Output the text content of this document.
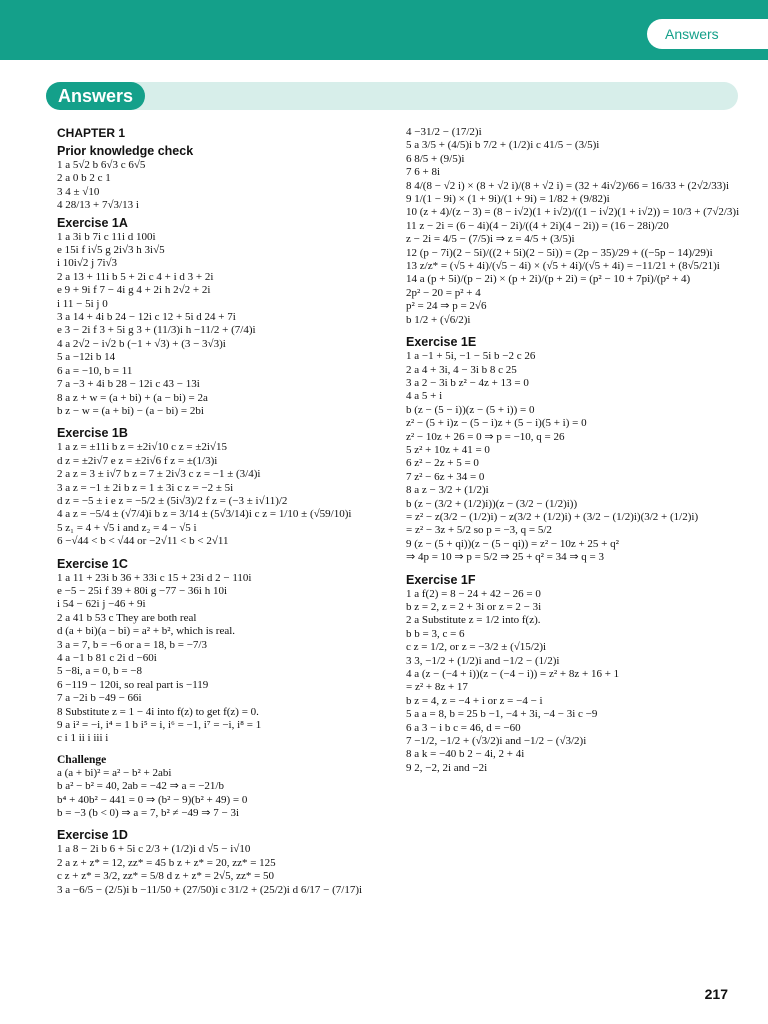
Answers
Answers
CHAPTER 1
Prior knowledge check
1 a 5√2 b 6√3 c 6√5
2 a 0 b 2 c 1
3 4 ± √10
4 28/13 + 7√3/13 i
Exercise 1A
1 a 3i b 7i c 11i d 100i
e 15i f i√5 g 2i√3 h 3i√5
i 10i√2 j 7i√3
2 a 13 + 11i b 5 + 2i c 4 + i d 3 + 2i
e 9 + 9i f 7 − 4i g 4 + 2i h 2√2 + 2i
i 11 − 5i j 0
3 a 14 + 4i b 24 − 12i c 12 + 5i d 24 + 7i
e 3 − 2i f 3 + 5i g 3 + (11/3)i h −11/2 + (7/4)i
4 a 2√2 − i√2 b (−1 + √3) + (3 − 3√3)i
5 a −12i b 14
6 a = −10, b = 11
7 a −3 + 4i b 28 − 12i c 43 − 13i
8 a z + w = (a + bi) + (a − bi) = 2a
b z − w = (a + bi) − (a − bi) = 2bi
Exercise 1B
1 a z = ±11i b z = ±2i√10 c z = ±2i√15
d z = ±2i√7 e z = ±2i√6 f z = ±(1/3)i
2 a z = 3 ± i√7 b z = 7 ± 2i√3 c z = −1 ± (3/4)i
3 a z = −1 ± 2i b z = 1 ± 3i c z = −2 ± 5i
d z = −5 ± i e z = −5/2 ± (5i√3)/2 f z = (−3 ± i√11)/2
4 a z = −5/4 ± (√7/4)i b z = 3/14 ± (5√3/14)i c z = 1/10 ± (√59/10)i
5 z₁ = 4 + √5 i and z₂ = 4 − √5 i
6 −√44 < b < √44 or −2√11 < b < 2√11
Exercise 1C
1 a 11 + 23i b 36 + 33i c 15 + 23i d 2 − 110i
e −5 − 25i f 39 + 80i g −77 − 36i h 10i
i 54 − 62i j −46 + 9i
2 a 41 b 53 c They are both real
d (a + bi)(a − bi) = a² + b², which is real.
3 a = 7, b = −6 or a = 18, b = −7/3
4 a −1 b 81 c 2i d −60i
5 −8i, a = 0, b = −8
6 −119 − 120i, so real part is −119
7 a −2i b −49 − 66i
8 Substitute z = 1 − 4i into f(z) to get f(z) = 0.
9 a i² = −i, i⁴ = 1 b i⁵ = i, i⁶ = −1, i⁷ = −i, i⁸ = 1
c i 1 ii i iii i
Challenge
a (a + bi)² = a² − b² + 2abi
b a² − b² = 40, 2ab = −42 ⇒ a = −21/b
b⁴ + 40b² − 441 = 0 ⇒ (b² − 9)(b² + 49) = 0
b = −3 (b < 0) ⇒ a = 7, b² ≠ −49 ⇒ 7 − 3i
Exercise 1D
1 a 8 − 2i b 6 + 5i c 2/3 + (1/2)i d √5 − i√10
2 a z + z* = 12, zz* = 45 b z + z* = 20, zz* = 125
c z + z* = 3/2, zz* = 5/8 d z + z* = 2√5, zz* = 50
3 a −6/5 − (2/5)i b −11/50 + (27/50)i c 31/2 + (25/2)i d 6/17 − (7/17)i
4 −31/2 − (17/2)i
5 a 3/5 + (4/5)i b 7/2 + (1/2)i c 41/5 − (3/5)i
6 8/5 + (9/5)i
7 6 + 8i
8 4/(8 − √2 i) × (8 + √2 i)/(8 + √2 i) = (32 + 4i√2)/66 = 16/33 + (2√2/33)i
9 1/(1 − 9i) × (1 + 9i)/(1 + 9i) = 1/82 + (9/82)i
10 (z + 4)/(z − 3) = (8 − i√2)(1 + i√2)/((1 − i√2)(1 + i√2)) = 10/3 + (7√2/3)i
11 z − 2i = (6 − 4i)(4 − 2i)/((4 + 2i)(4 − 2i)) = (16 − 28i)/20
z − 2i = 4/5 − (7/5)i ⇒ z = 4/5 + (3/5)i
12 (p − 7i)(2 − 5i)/((2 + 5i)(2 − 5i)) = (2p − 35)/29 + ((−5p − 14)/29)i
13 z/z* = (√5 + 4i)/(√5 − 4i) × (√5 + 4i)/(√5 + 4i) = −11/21 + (8√5/21)i
14 a (p + 5i)/(p − 2i) × (p + 2i)/(p + 2i) = (p² − 10 + 7pi)/(p² + 4)
2p² − 20 = p² + 4
p² = 24 ⇒ p = 2√6
b 1/2 + (√6/2)i
Exercise 1E
1 a −1 + 5i, −1 − 5i b −2 c 26
2 a 4 + 3i, 4 − 3i b 8 c 25
3 a 2 − 3i b z² − 4z + 13 = 0
4 a 5 + i
b (z − (5 − i))(z − (5 + i)) = 0
z² − (5 + i)z − (5 − i)z + (5 − i)(5 + i) = 0
z² − 10z + 26 = 0 ⇒ p = −10, q = 26
5 z² + 10z + 41 = 0
6 z² − 2z + 5 = 0
7 z² − 6z + 34 = 0
8 a z − 3/2 + (1/2)i
b (z − (3/2 + (1/2)i))(z − (3/2 − (1/2)i))
= z² − z(3/2 − (1/2)i) − z(3/2 + (1/2)i) + (3/2 − (1/2)i)(3/2 + (1/2)i)
= z² − 3z + 5/2 so p = −3, q = 5/2
9 (z − (5 + qi))(z − (5 − qi)) = z² − 10z + 25 + q²
⇒ 4p = 10 ⇒ p = 5/2 ⇒ 25 + q² = 34 ⇒ q = 3
Exercise 1F
1 a f(2) = 8 − 24 + 42 − 26 = 0
b z = 2, z = 2 + 3i or z = 2 − 3i
2 a Substitute z = 1/2 into f(z).
b b = 3, c = 6
c z = 1/2, or z = −3/2 ± (√15/2)i
3 3, −1/2 + (1/2)i and −1/2 − (1/2)i
4 a (z − (−4 + i))(z − (−4 − i)) = z² + 8z + 16 + 1
= z² + 8z + 17
b z = 4, z = −4 + i or z = −4 − i
5 a a = 8, b = 25 b −1, −4 + 3i, −4 − 3i c −9
6 a 3 − i b c = 46, d = −60
7 −1/2, −1/2 + (√3/2)i and −1/2 − (√3/2)i
8 a k = −40 b 2 − 4i, 2 + 4i
9 2, −2, 2i and −2i
217
